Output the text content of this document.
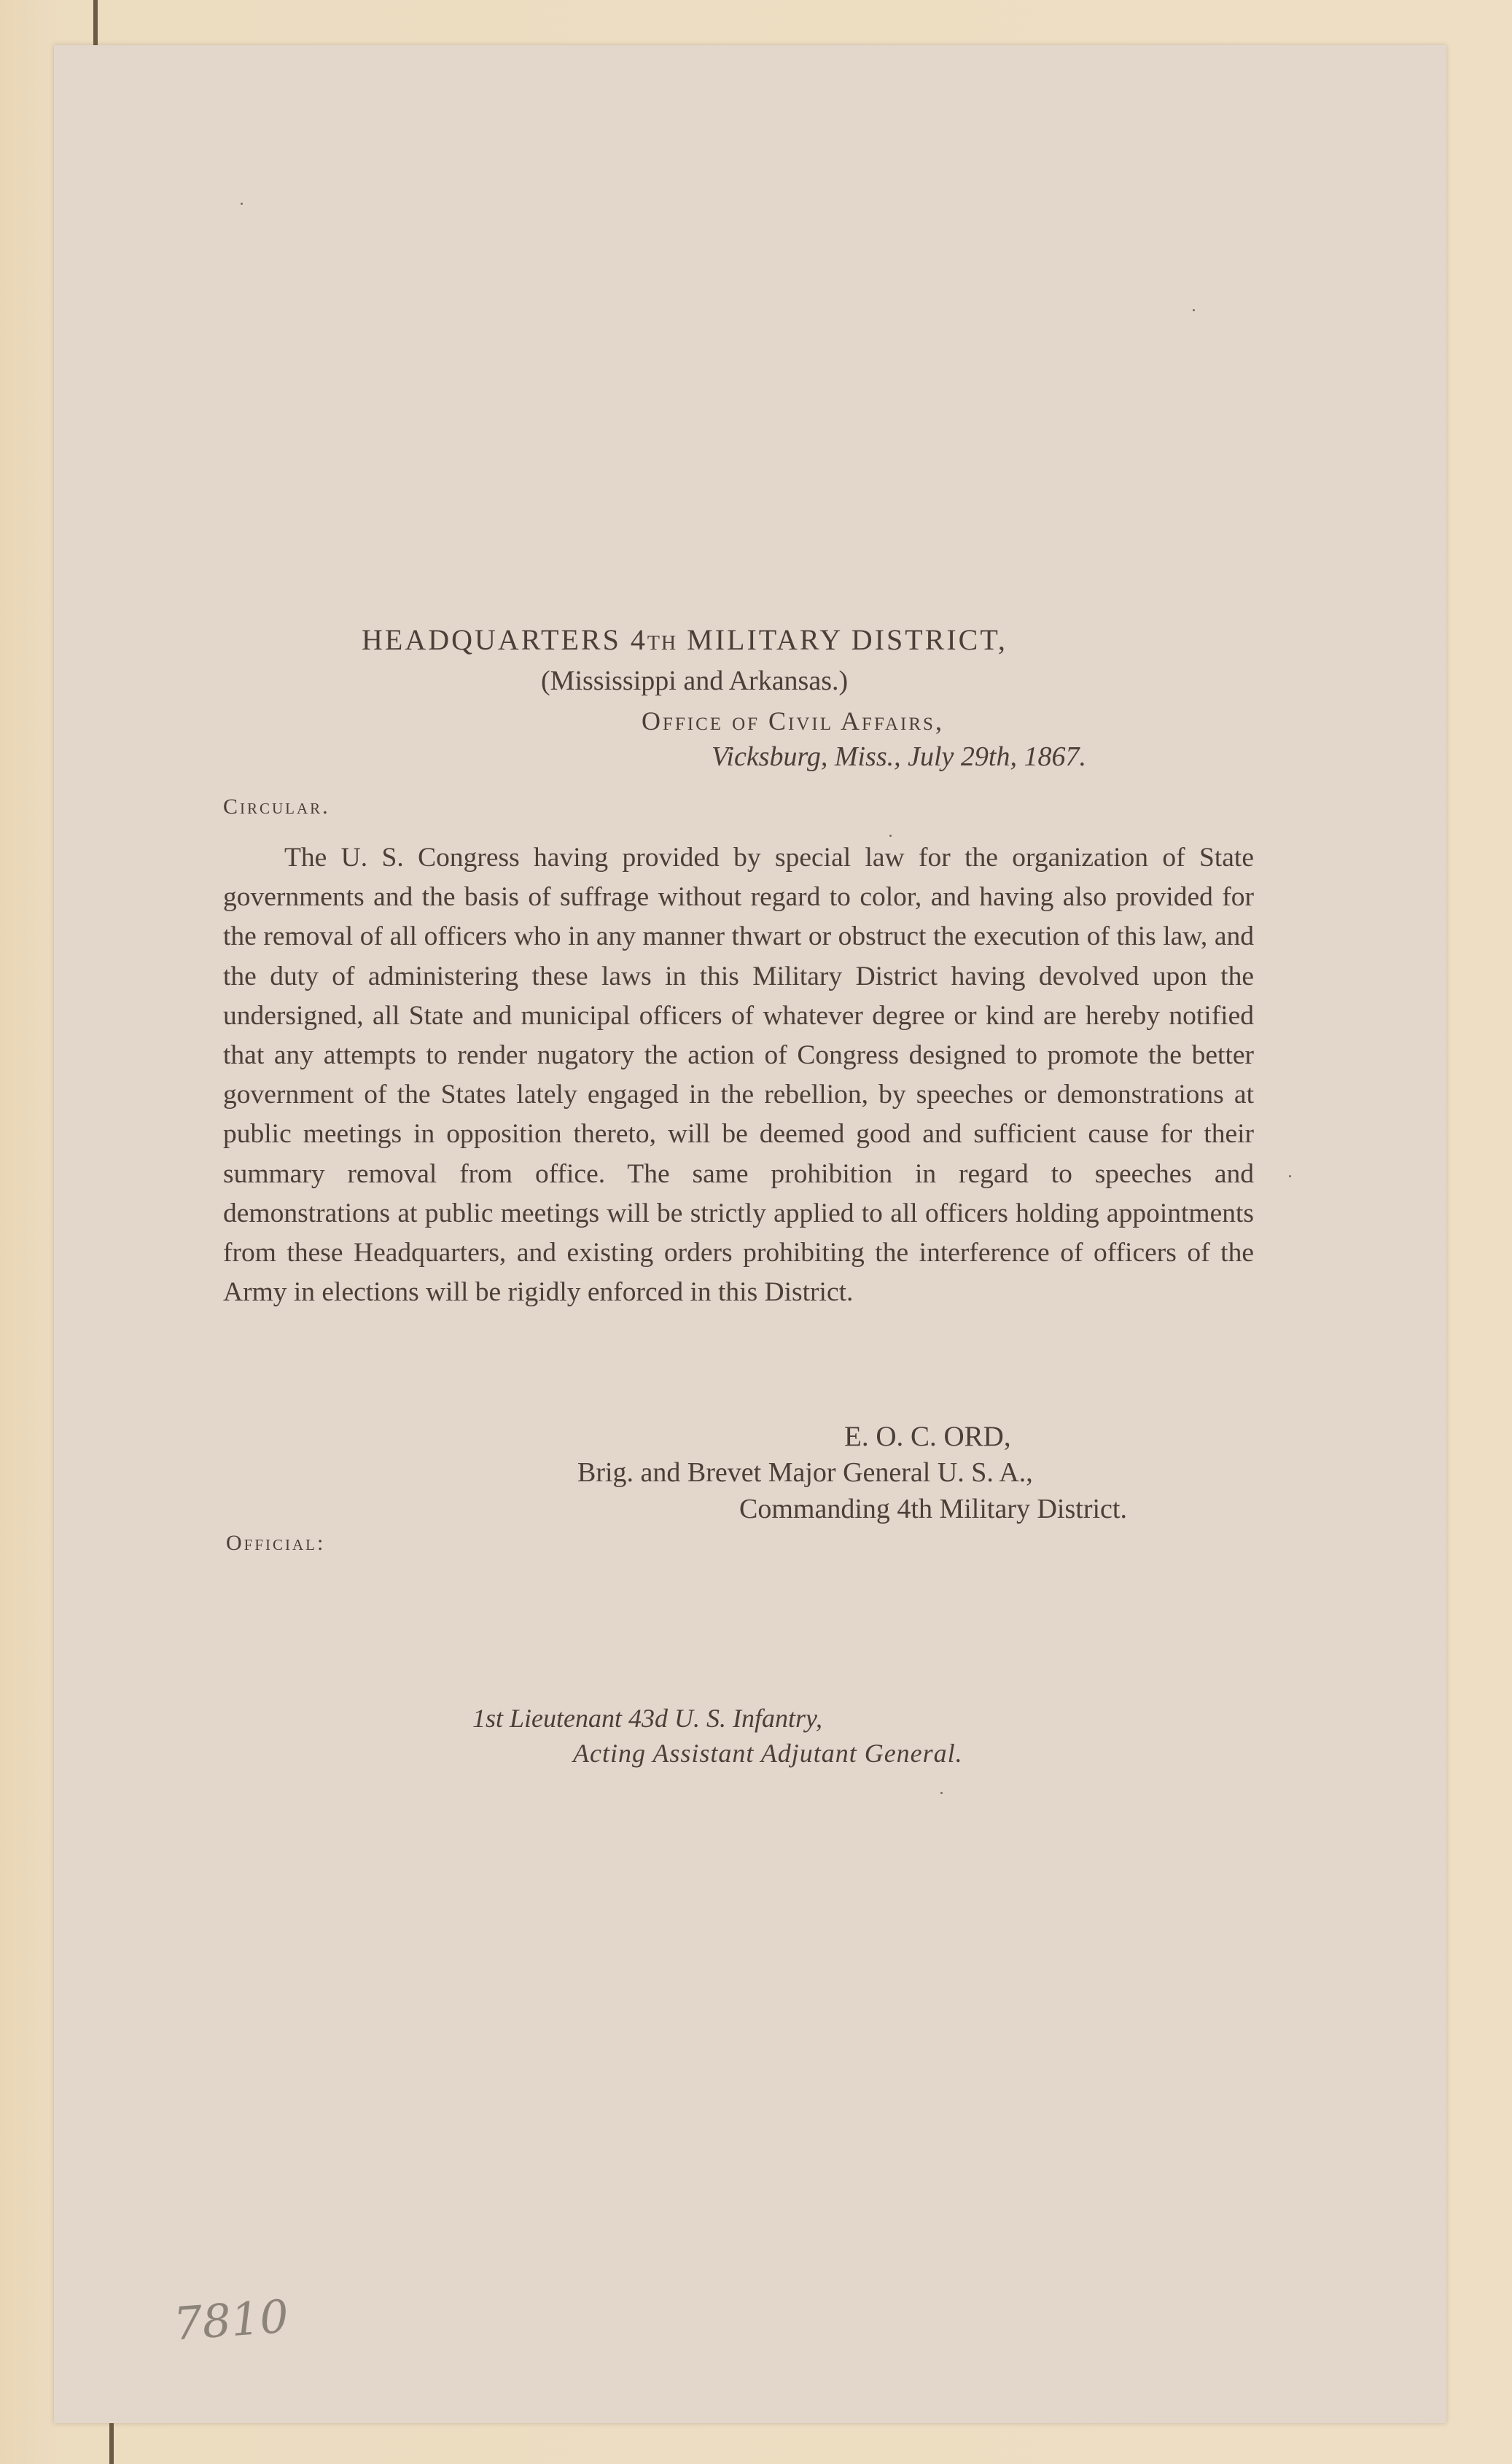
HEADQUARTERS 4TH MILITARY DISTRICT,
(Mississippi and Arkansas.)
Office of Civil Affairs,
Vicksburg, Miss., July 29th, 1867.
Circular.

The U. S. Congress having provided by special law for the organization of State governments and the basis of suffrage without regard to color, and having also provided for the removal of all officers who in any manner thwart or obstruct the execution of this law, and the duty of administering these laws in this Military District having devolved upon the undersigned, all State and municipal officers of whatever degree or kind are hereby notified that any attempts to render nugatory the action of Congress designed to promote the better government of the States lately engaged in the rebellion, by speeches or demonstrations at public meetings in opposition thereto, will be deemed good and sufficient cause for their summary removal from office. The same prohibition in regard to speeches and demonstrations at public meetings will be strictly applied to all officers holding appointments from these Headquarters, and existing orders prohibiting the interference of officers of the Army in elections will be rigidly enforced in this District.

E. O. C. ORD,
Brig. and Brevet Major General U. S. A.,
Commanding 4th Military District.
Official:
1st Lieutenant 43d U. S. Infantry,
Acting Assistant Adjutant General.
7810
